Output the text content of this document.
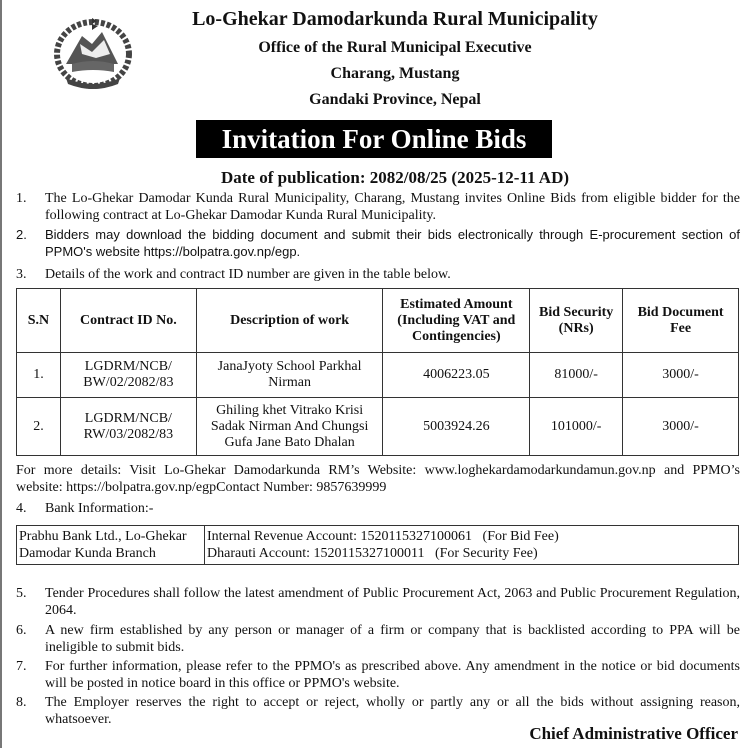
Lo-Ghekar Damodarkunda Rural Municipality
Office of the Rural Municipal Executive
Charang, Mustang
Gandaki Province, Nepal
Invitation For Online Bids
Date of publication: 2082/08/25 (2025-12-11 AD)
1.	The Lo-Ghekar Damodar Kunda Rural Municipality, Charang, Mustang invites Online Bids from eligible bidder for the following contract at Lo-Ghekar Damodar Kunda Rural Municipality.
2.	Bidders may download the bidding document and submit their bids electronically through E-procurement section of PPMO's website https://bolpatra.gov.np/egp.
3.	Details of the work and contract ID number are given in the table below.
S.N	Contract ID No.	Description of work	Estimated Amount (Including VAT and Contingencies)	Bid Security (NRs)	Bid Document Fee
1.	LGDRM/NCB/ BW/02/2082/83	JanaJyoty School Parkhal Nirman	4006223.05	81000/-	3000/-
2.	LGDRM/NCB/ RW/03/2082/83	Ghiling khet Vitrako Krisi Sadak Nirman And Chungsi Gufa Jane Bato Dhalan	5003924.26	101000/-	3000/-
For more details: Visit Lo-Ghekar Damodarkunda RM’s Website: www.loghekardamodarkundamun.gov.np and PPMO’s website: https://bolpatra.gov.np/egpContact Number: 9857639999
4.	Bank Information:-
Prabhu Bank Ltd., Lo-Ghekar Damodar Kunda Branch	
Internal Revenue Account: 1520115327100061   (For Bid Fee)
Dharauti Account: 1520115327100011   (For Security Fee)
5.	Tender Procedures shall follow the latest amendment of Public Procurement Act, 2063 and Public Procurement Regulation, 2064.
6.	A new firm established by any person or manager of a firm or company that is backlisted according to PPA will be ineligible to submit bids.
7.	For further information, please refer to the PPMO's as prescribed above. Any amendment in the notice or bid documents will be posted in notice board in this office or PPMO's website.
8.	The Employer reserves the right to accept or reject, wholly or partly any or all the bids without assigning reason, whatsoever.
Chief Administrative Officer
